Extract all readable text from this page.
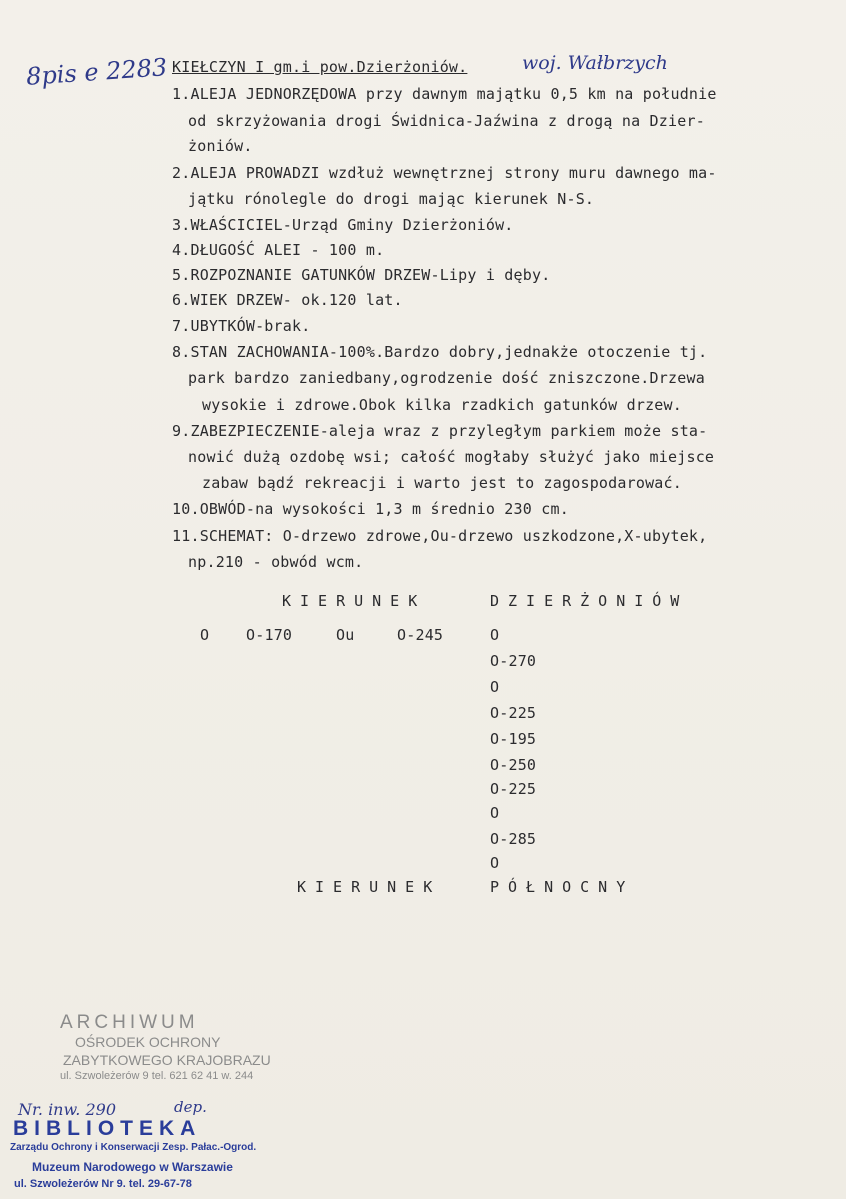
8pis e 2283 KIEŁCZYN I gm.i pow.Dzierżoniów.	woj. Wałbrzych
1.ALEJA JEDNORZĘDOWA przy dawnym majątku 0,5 km na południe
od skrzyżowania drogi Świdnica-Jaźwina z drogą na Dzier-
żoniów.
2.ALEJA PROWADZI wzdłuż wewnętrznej strony muru dawnego ma-
jątku rónolegle do drogi mając kierunek N-S.
3.WŁAŚCICIEL-Urząd Gminy Dzierżoniów.
4.DŁUGOŚĆ ALEI - 100 m.
5.ROZPOZNANIE GATUNKÓW DRZEW-Lipy i dęby.
6.WIEK DRZEW- ok.120 lat.
7.UBYTKÓW-brak.
8.STAN ZACHOWANIA-100%.Bardzo dobry,jednakże otoczenie tj.
park bardzo zaniedbany,ogrodzenie dość zniszczone.Drzewa
wysokie i zdrowe.Obok kilka rzadkich gatunków drzew.
9.ZABEZPIECZENIE-aleja wraz z przyległym parkiem może sta-
nowić dużą ozdobę wsi; całość mogłaby służyć jako miejsce
zabaw bądź rekreacji i warto jest to zagospodarować.
10.OBWÓD-na wysokości 1,3 m średnio 230 cm.
11.SCHEMAT: O-drzewo zdrowe,Ou-drzewo uszkodzone,X-ubytek,
np.210 - obwód wcm.
KIERUNEK	DZIERŻONIÓW
O O-170	Ou	O-245	O
O-270
O
O-225
O-195
O-250
O-225
O
O-285
O
KIERUNEK	PÓŁNOCNY
ARCHIWUM
OŚRODEK OCHRONY
ZABYTKOWEGO KRAJOBRAZU
ul. Szwoleżerów 9 tel. 621 62 41 w. 244
Nr. inw. 290	dep.
BIBLIOTEKA
Zarządu Ochrony i Konserwacji Zesp. Pałac.-Ogrod.
Muzeum Narodowego w Warszawie
ul. Szwoleżerów Nr 9. tel. 29-67-78
